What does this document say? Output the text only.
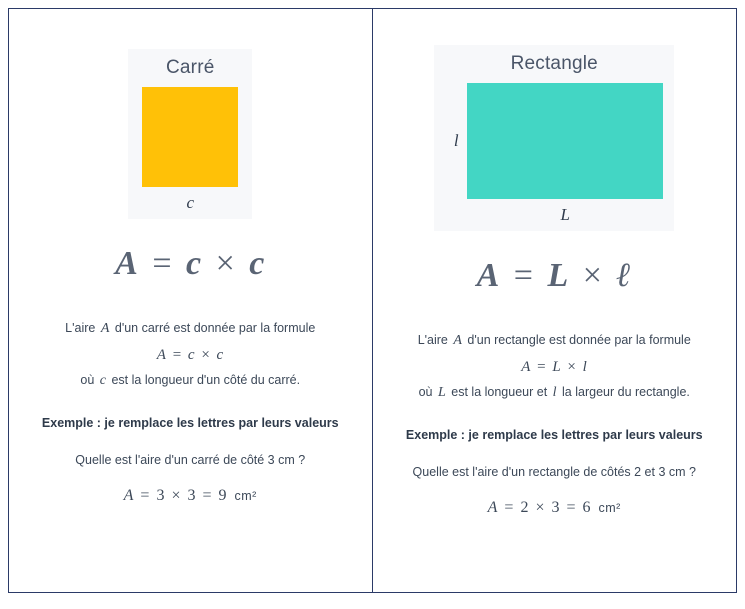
Carré
c
A = c × c
L'aire A d'un carré est donnée par la formule
A = c × c
où c est la longueur d'un côté du carré.
Exemple : je remplace les lettres par leurs valeurs
Quelle est l'aire d'un carré de côté 3 cm ?
A = 3 × 3 = 9 cm²
Rectangle
l
L
A = L × ℓ
L'aire A d'un rectangle est donnée par la formule
A = L × l
où L est la longueur et l la largeur du rectangle.
Exemple : je remplace les lettres par leurs valeurs
Quelle est l'aire d'un rectangle de côtés 2 et 3 cm ?
A = 2 × 3 = 6 cm²
